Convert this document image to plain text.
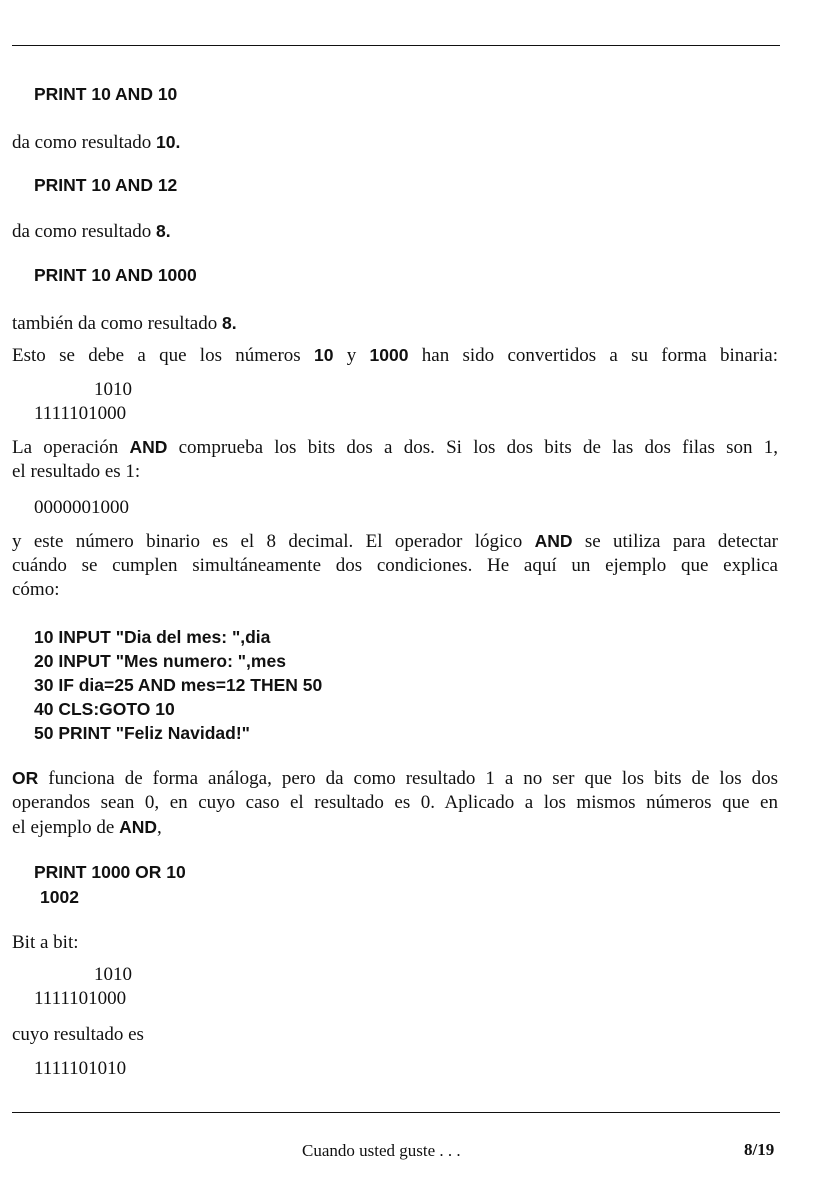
PRINT 10 AND 10
da como resultado 10.
PRINT 10 AND 12
da como resultado 8.
PRINT 10 AND 1000
también da como resultado 8.
Esto se debe a que los números 10 y 1000 han sido convertidos a su forma binaria:
1010
1111101000
La operación AND comprueba los bits dos a dos. Si los dos bits de las dos filas son 1,
el resultado es 1:
0000001000
y este número binario es el 8 decimal. El operador lógico AND se utiliza para detectar
cuándo se cumplen simultáneamente dos condiciones. He aquí un ejemplo que explica
cómo:
10 INPUT "Dia del mes: ",dia
20 INPUT "Mes numero: ",mes
30 IF dia=25 AND mes=12 THEN 50
40 CLS:GOTO 10
50 PRINT "Feliz Navidad!"
OR funciona de forma análoga, pero da como resultado 1 a no ser que los bits de los dos
operandos sean 0, en cuyo caso el resultado es 0. Aplicado a los mismos números que en
el ejemplo de AND,
PRINT 1000 OR 10
1002
Bit a bit:
1010
1111101000
cuyo resultado es
1111101010
Cuando usted guste . . .	8/19
